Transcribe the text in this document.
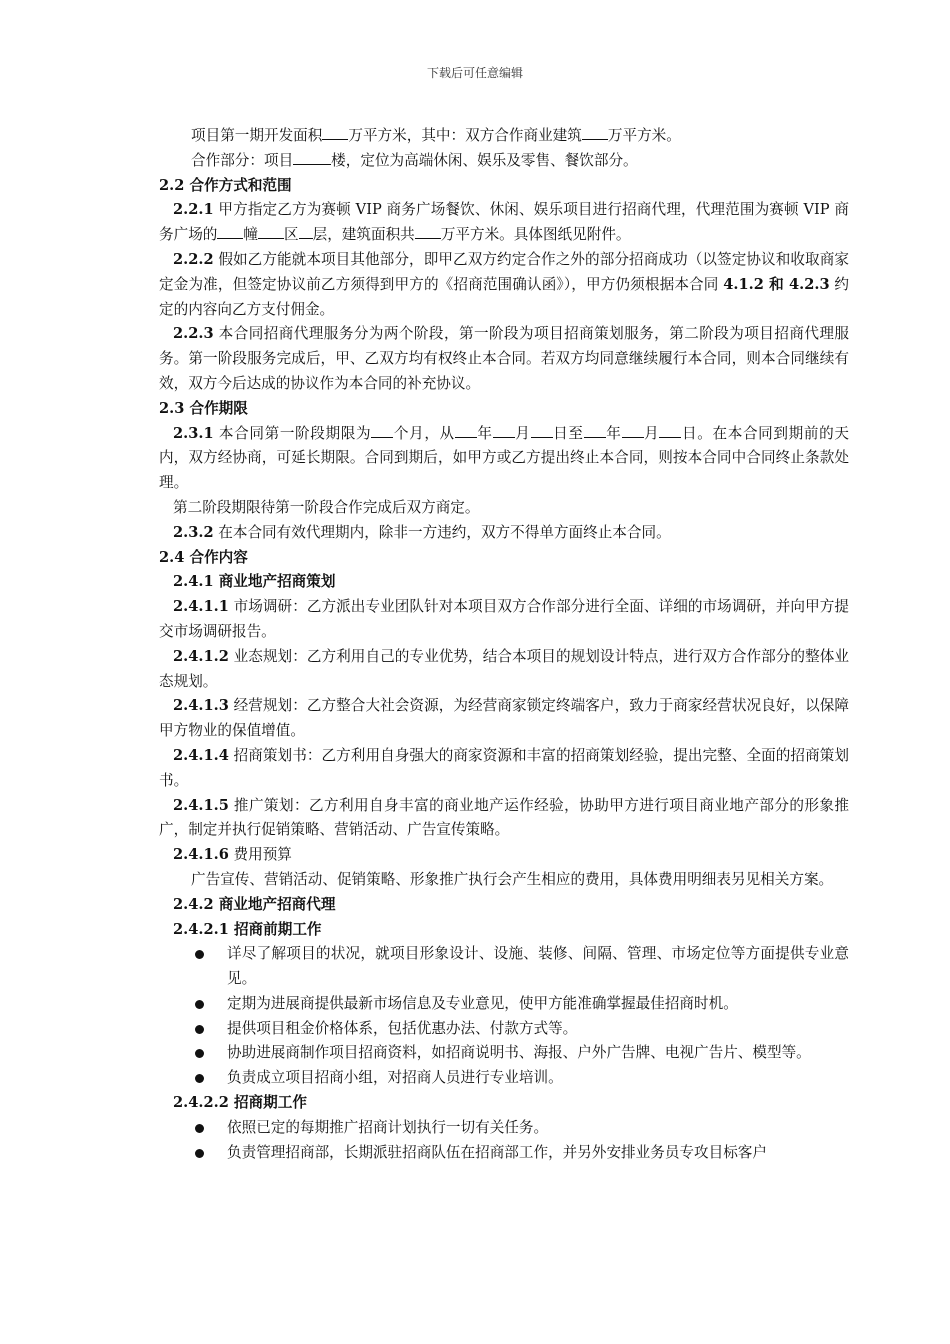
下载后可任意编辑

项目第一期开发面积 万平方米，其中：双方合作商业建筑 万平方米。

合作部分：项目	楼，定位为高端休闲、娱乐及零售、餐饮部分。

2.2 合作方式和范围

2.2.1 甲方指定乙方为赛顿 VIP 商务广场餐饮、休闲、娱乐项目进行招商代理，代理范围为赛顿 VIP 商务广场的 幢 区 层，建筑面积共 万平方米。具体图纸见附件。

2.2.2 假如乙方能就本项目其他部分，即甲乙双方约定合作之外的部分招商成功（以签定协议和收取商家定金为准，但签定协议前乙方须得到甲方的《招商范围确认函》），甲方仍须根据本合同 4.1.2 和 4.2.3 约定的内容向乙方支付佣金。

2.2.3 本合同招商代理服务分为两个阶段，第一阶段为项目招商策划服务，第二阶段为项目招商代理服务。第一阶段服务完成后，甲、乙双方均有权终止本合同。若双方均同意继续履行本合同，则本合同继续有效，双方今后达成的协议作为本合同的补充协议。

2.3 合作期限

2.3.1 本合同第一阶段期限为 个月，从 年 月 日至 年 月 日。在本合同到期前的天内，双方经协商，可延长期限。合同到期后，如甲方或乙方提出终止本合同，则按本合同中合同终止条款处理。

第二阶段期限待第一阶段合作完成后双方商定。

2.3.2 在本合同有效代理期内，除非一方违约，双方不得单方面终止本合同。

2.4 合作内容

2.4.1 商业地产招商策划

2.4.1.1 市场调研：乙方派出专业团队针对本项目双方合作部分进行全面、详细的市场调研，并向甲方提交市场调研报告。

2.4.1.2 业态规划：乙方利用自己的专业优势，结合本项目的规划设计特点，进行双方合作部分的整体业态规划。

2.4.1.3 经营规划：乙方整合大社会资源，为经营商家锁定终端客户，致力于商家经营状况良好，以保障甲方物业的保值增值。

2.4.1.4 招商策划书：乙方利用自身强大的商家资源和丰富的招商策划经验，提出完整、全面的招商策划书。

2.4.1.5 推广策划：乙方利用自身丰富的商业地产运作经验，协助甲方进行项目商业地产部分的形象推广，制定并执行促销策略、营销活动、广告宣传策略。

2.4.1.6 费用预算

广告宣传、营销活动、促销策略、形象推广执行会产生相应的费用，具体费用明细表另见相关方案。

2.4.2 商业地产招商代理

2.4.2.1 招商前期工作

详尽了解项目的状况，就项目形象设计、设施、装修、间隔、管理、市场定位等方面提供专业意见。
定期为进展商提供最新市场信息及专业意见，使甲方能准确掌握最佳招商时机。
提供项目租金价格体系，包括优惠办法、付款方式等。
协助进展商制作项目招商资料，如招商说明书、海报、户外广告牌、电视广告片、模型等。
负责成立项目招商小组，对招商人员进行专业培训。

2.4.2.2 招商期工作

依照已定的每期推广招商计划执行一切有关任务。
负责管理招商部，长期派驻招商队伍在招商部工作，并另外安排业务员专攻目标客户
